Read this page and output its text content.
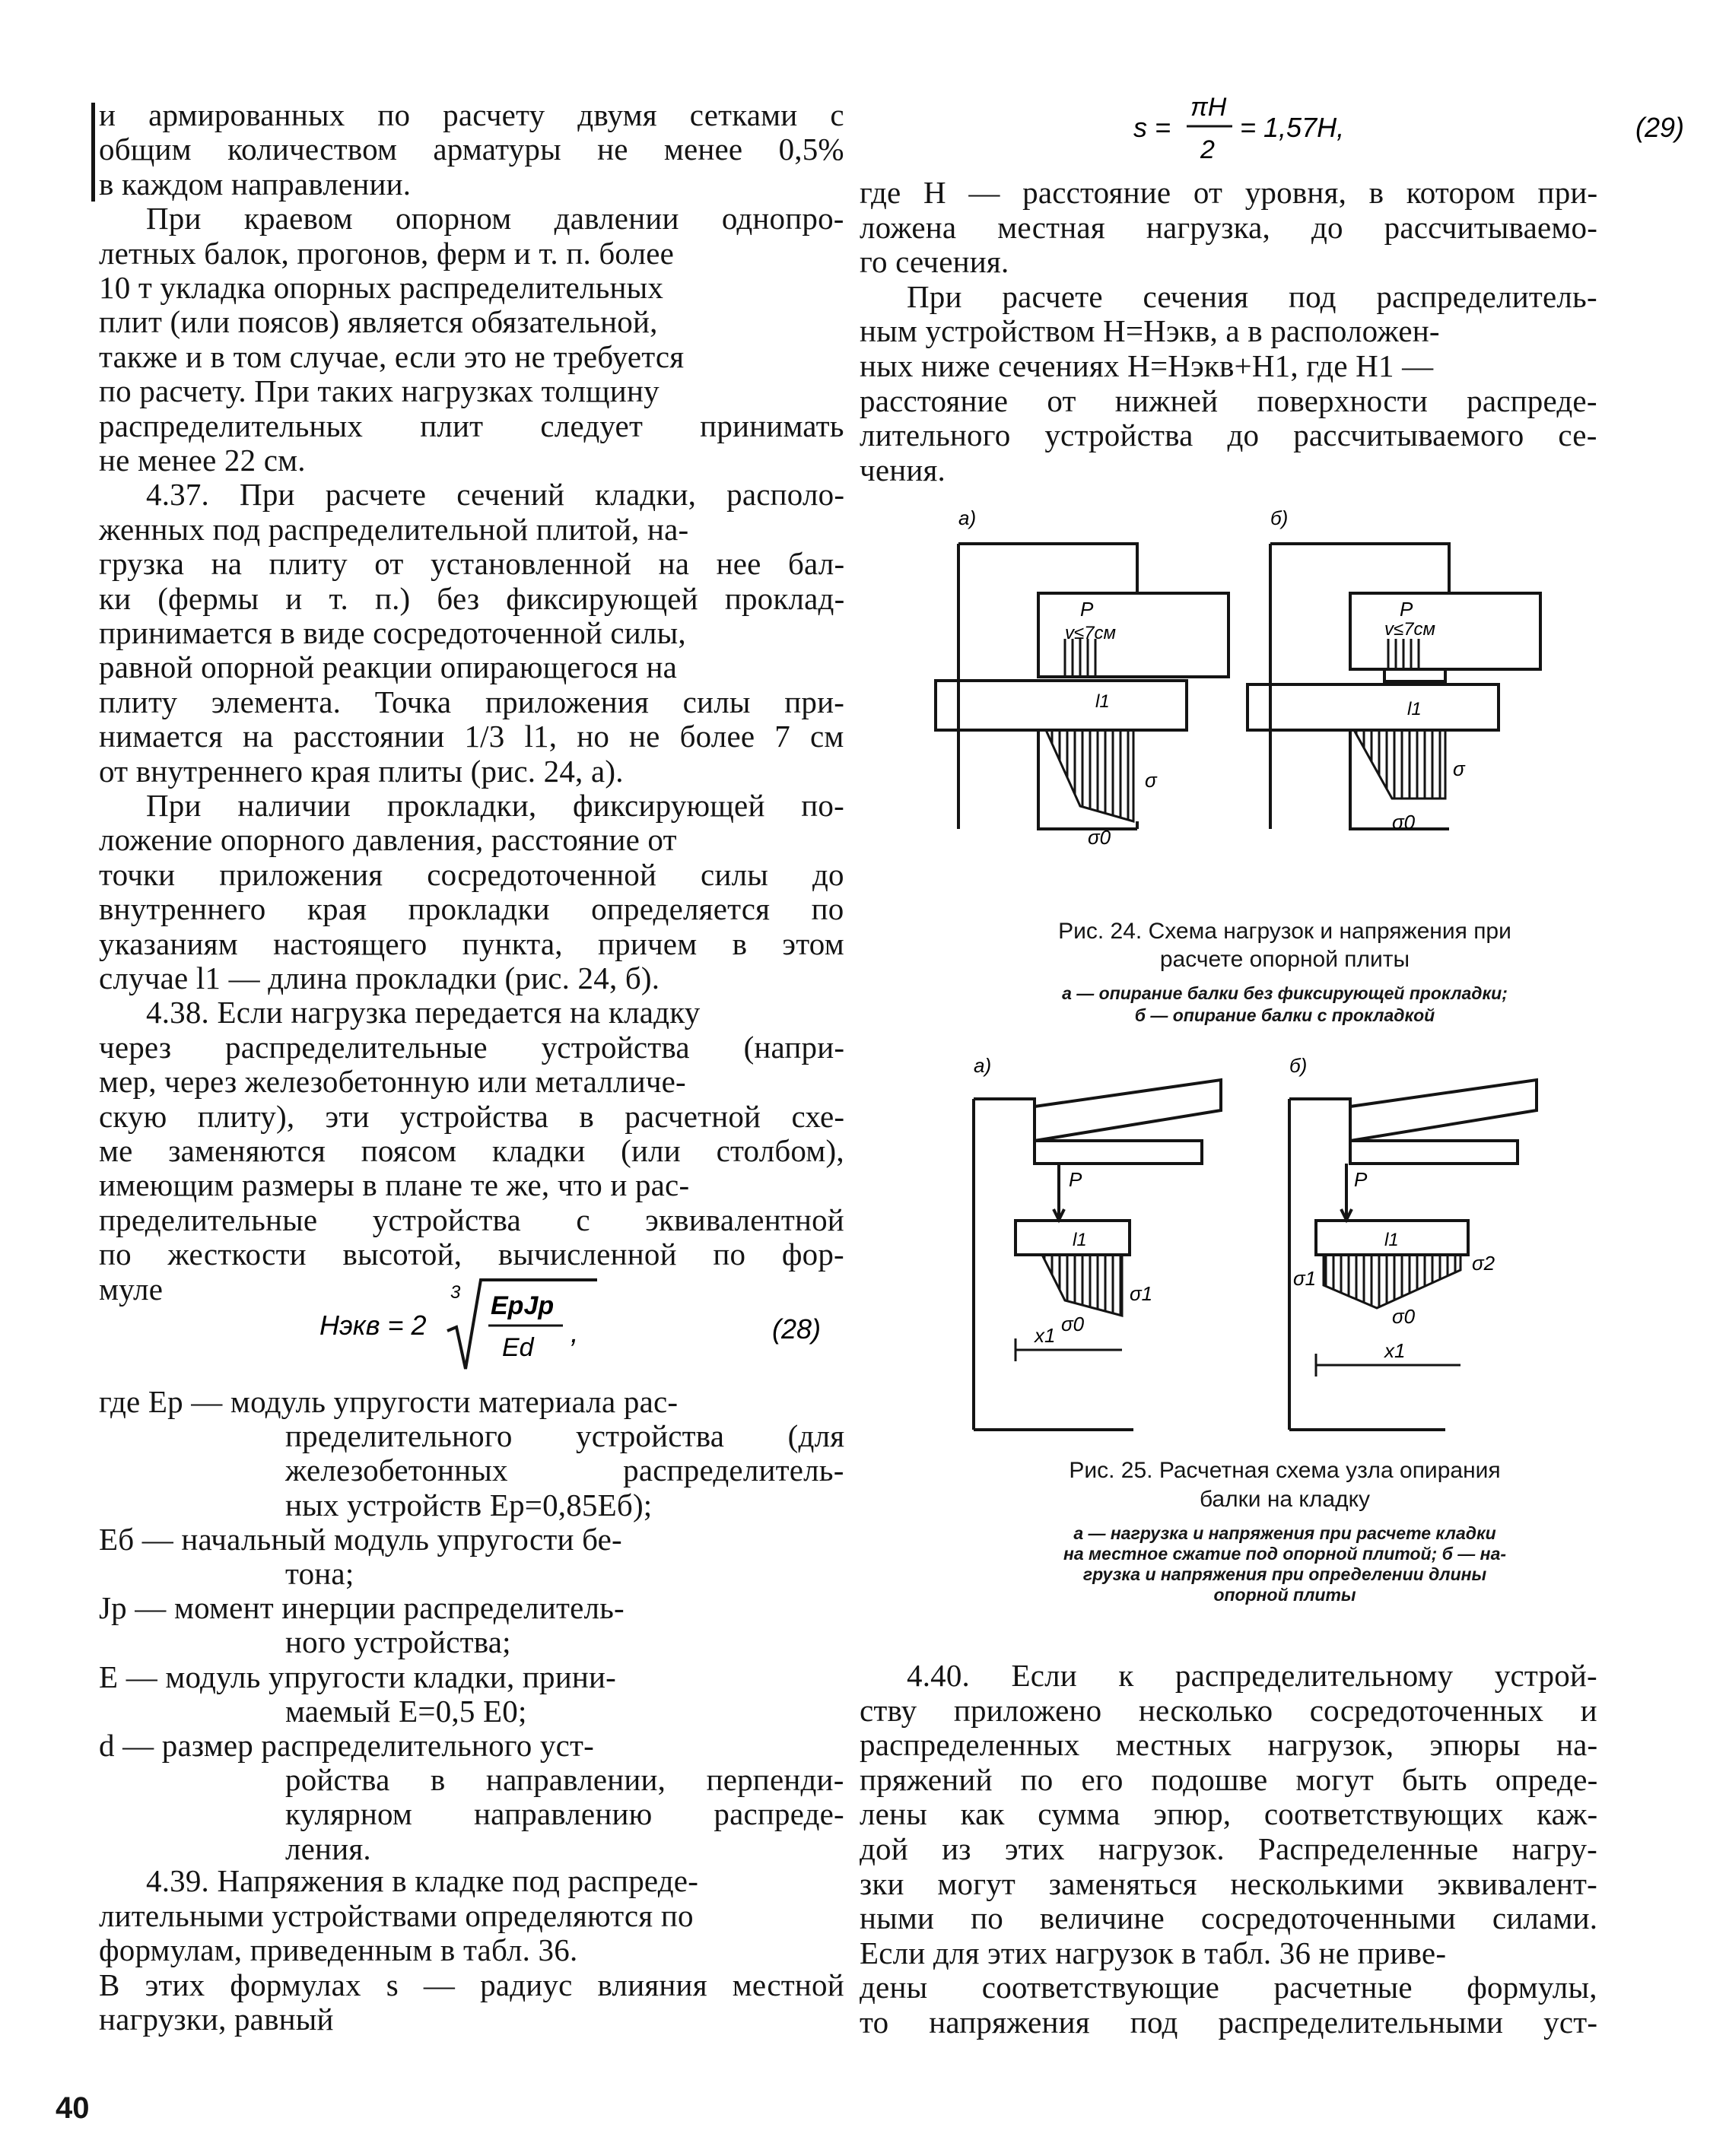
и армированных по расчету двумя сетками с
общим количеством арматуры не менее 0,5%
в каждом направлении.
При краевом опорном давлении однопро-
летных балок, прогонов, ферм и т. п. более
10 т укладка опорных распределительных
плит (или поясов) является обязательной,
также и в том случае, если это не требуется
по расчету. При таких нагрузках толщину
распределительных плит следует принимать
не менее 22 см.
4.37. При расчете сечений кладки, располо-
женных под распределительной плитой, на-
грузка на плиту от установленной на нее бал-
ки (фермы и т. п.) без фиксирующей проклад-
принимается в виде сосредоточенной силы,
равной опорной реакции опирающегося на
плиту элемента. Точка приложения силы при-
нимается на расстоянии 1/3 l1, но не более 7 см
от внутреннего края плиты (рис. 24, а).
При наличии прокладки, фиксирующей по-
ложение опорного давления, расстояние от
точки приложения сосредоточенной силы до
внутреннего края прокладки определяется по
указаниям настоящего пункта, причем в этом
случае l1 — длина прокладки (рис. 24, б).
4.38. Если нагрузка передается на кладку
через распределительные устройства (напри-
мер, через железобетонную или металличе-
скую плиту), эти устройства в расчетной схе-
ме заменяются поясом кладки (или столбом),
имеющим размеры в плане те же, что и рас-
пределительные устройства с эквивалентной
по жесткости высотой, вычисленной по фор-
муле
Hэкв = 2
3 EpJp
Ed ,	(28)
где Eр — модуль упругости материала рас-
пределительного устройства (для
железобетонных распределитель-
ных устройств Eр=0,85Eб);
Eб — начальный модуль упругости бе-
тона;
Jр — момент инерции распределитель-
ного устройства;
E — модуль упругости кладки, прини-
маемый E=0,5 E0;
d — размер распределительного уст-
ройства в направлении, перпенди-
кулярном направлению распреде-
ления.
4.39. Напряжения в кладке под распреде-
лительными устройствами определяются по
формулам, приведенным в табл. 36.
В этих формулах s — радиус влияния местной
нагрузки, равный
40
s =
πH
2
= 1,57H,	(29)
где H — расстояние от уровня, в котором при-
ложена местная нагрузка, до рассчитываемо-
го сечения.
При расчете сечения под распределитель-
ным устройством H=Hэкв, а в расположен-
ных ниже сечениях H=Hэкв+H1, где H1 —
расстояние от нижней поверхности распреде-
лительного устройства до рассчитываемого се-
чения.
а)	б)
P
v≤7см
l1
σ
σ0
P
v≤7см
l1
σ
σ0
Рис. 24. Схема нагрузок и напряжения при
расчете опорной плиты
а — опирание балки без фиксирующей прокладки;
б — опирание балки с прокладкой
а)	б)
P
l1
σ1
σ0
x1
P
l1
σ2
σ1
σ0
x1
Рис. 25. Расчетная схема узла опирания
балки на кладку
а — нагрузка и напряжения при расчете кладки
на местное сжатие под опорной плитой; б — на-
грузка и напряжения при определении длины
опорной плиты
4.40. Если к распределительному устрой-
ству приложено несколько сосредоточенных и
распределенных местных нагрузок, эпюры на-
пряжений по его подошве могут быть опреде-
лены как сумма эпюр, соответствующих каж-
дой из этих нагрузок. Распределенные нагру-
зки могут заменяться несколькими эквивалент-
ными по величине сосредоточенными силами.
Если для этих нагрузок в табл. 36 не приве-
дены соответствующие расчетные формулы,
то напряжения под распределительными уст-
